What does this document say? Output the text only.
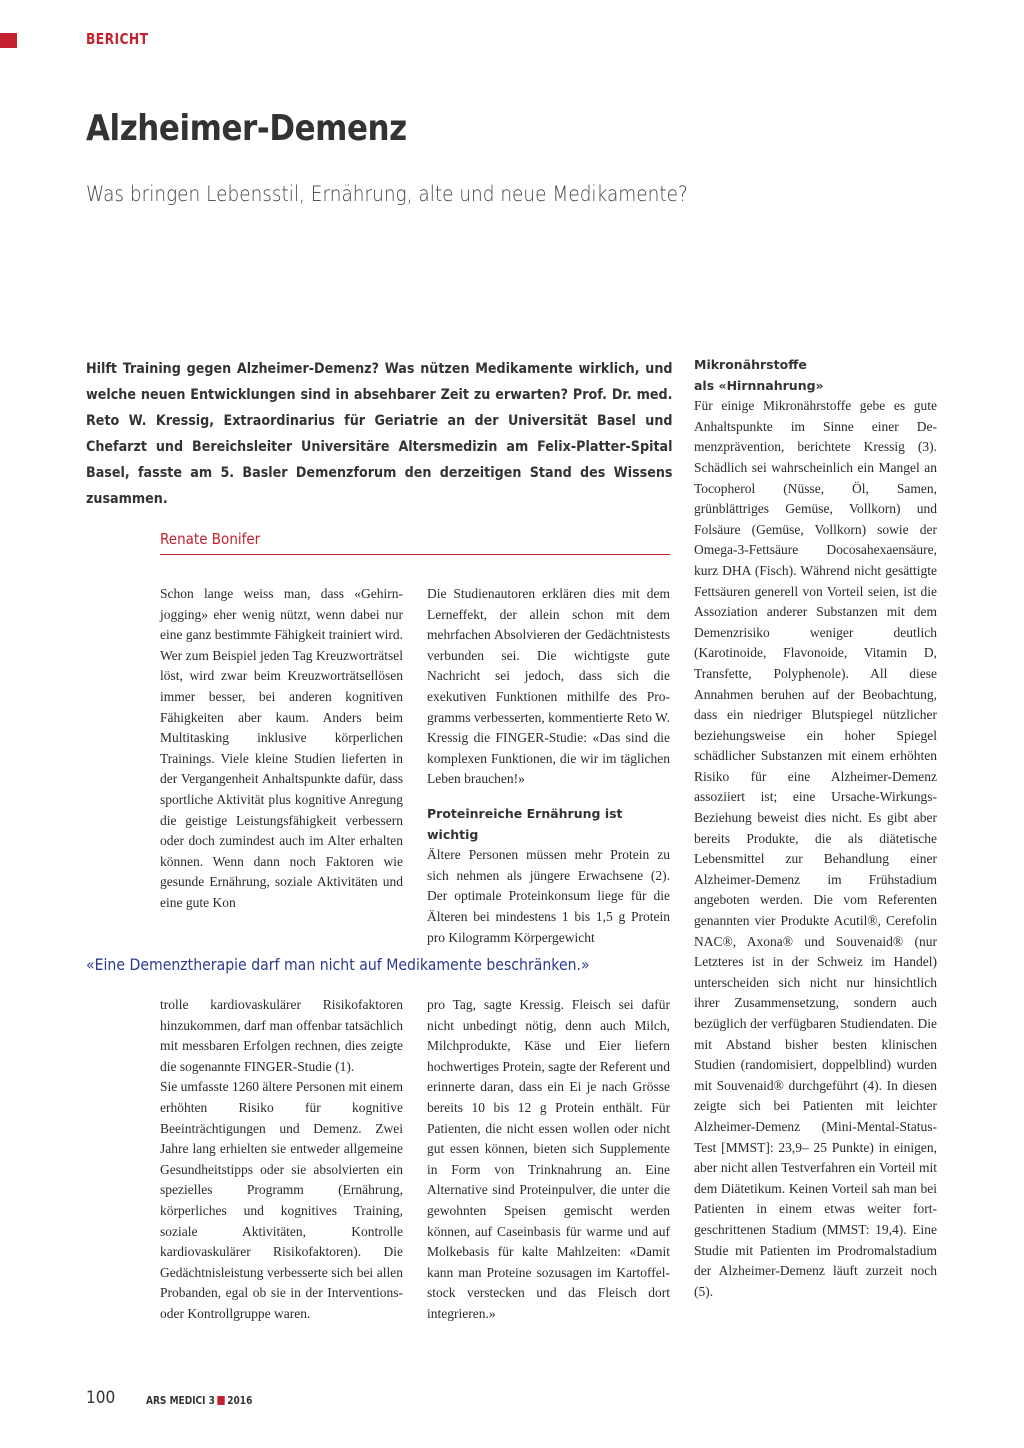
BERICHT
Alzheimer-Demenz
Was bringen Lebensstil, Ernährung, alte und neue Medikamente?
Hilft Training gegen Alzheimer-Demenz? Was nützen Medikamente wirklich, und welche neuen Entwicklungen sind in absehbarer Zeit zu erwarten? Prof. Dr. med. Reto W. Kressig, Extraordinarius für Geriatrie an der Universität Basel und Chefarzt und Bereichsleiter Universitäre Altersmedizin am Felix-Platter-Spital Basel, fasste am 5. Basler Demenzforum den derzeitigen Stand des Wissens zusammen.
Renate Bonifer

Schon lange weiss man, dass «Gehirnjogging» eher wenig nützt, wenn dabei nur eine ganz bestimmte Fähigkeit trainiert wird. Wer zum Beispiel jeden Tag Kreuzworträtsel löst, wird zwar beim Kreuzworträtsellösen immer besser, bei anderen kognitiven Fähigkeiten aber kaum. Anders beim Multitasking inklusive körperlichen Trainings. Viele kleine Studien lieferten in der Vergangenheit Anhaltspunkte dafür, dass sportliche Aktivität plus kognitive Anregung die geistige Leistungsfähigkeit verbessern oder doch zumindest auch im Alter erhalten können. Wenn dann noch Faktoren wie gesunde Ernährung, soziale Aktivitäten und eine gute Kon

Die Studienautoren erklären dies mit dem Lerneffekt, der allein schon mit dem mehrfachen Absolvieren der Gedächtnistests verbunden sei. Die wichtigste gute Nachricht sei jedoch, dass sich die exekutiven Funktionen mithilfe des Programms verbesserten, kommentierte Reto W. Kressig die FINGER-Studie: «Das sind die komplexen Funktionen, die wir im täglichen Leben brauchen!»

Proteinreiche Ernährung ist wichtig

Ältere Personen müssen mehr Protein zu sich nehmen als jüngere Erwachsene (2). Der optimale Proteinkonsum liege für die Älteren bei mindestens 1 bis 1,5 g Protein pro Kilogramm Körpergewicht

«Eine Demenztherapie darf man nicht auf Medikamente beschränken.»

trolle kardiovaskulärer Risikofaktoren hinzukommen, darf man offenbar tatsächlich mit messbaren Erfolgen rechnen, dies zeigte die sogenannte FINGER-Studie (1).

Sie umfasste 1260 ältere Personen mit einem erhöhten Risiko für kognitive Beeinträchtigungen und Demenz. Zwei Jahre lang erhielten sie entweder allgemeine Gesundheitstipps oder sie absolvierten ein spezielles Programm (Ernährung, körperliches und kognitives Training, soziale Aktivitäten, Kontrolle kardiovaskulärer Risikofaktoren). Die Gedächtnisleistung verbesserte sich bei allen Probanden, egal ob sie in der Interventions- oder Kontrollgruppe waren.

pro Tag, sagte Kressig. Fleisch sei dafür nicht unbedingt nötig, denn auch Milch, Milchprodukte, Käse und Eier liefern hochwertiges Protein, sagte der Referent und erinnerte daran, dass ein Ei je nach Grösse bereits 10 bis 12 g Protein enthält. Für Patienten, die nicht essen wollen oder nicht gut essen können, bieten sich Supplemente in Form von Trinknahrung an. Eine Alternative sind Proteinpulver, die unter die gewohnten Speisen gemischt werden können, auf Caseinbasis für warme und auf Molkebasis für kalte Mahlzeiten: «Damit kann man Proteine sozusagen im Kartoffelstock verstecken und das Fleisch dort integrieren.»

Mikronährstoffe

als «Hirnnahrung»

Für einige Mikronährstoffe gebe es gute Anhaltspunkte im Sinne einer Demenzprävention, berichtete Kressig (3). Schädlich sei wahrscheinlich ein Mangel an Tocopherol (Nüsse, Öl, Samen, grünblättriges Gemüse, Vollkorn) und Folsäure (Gemüse, Vollkorn) sowie der Omega-3-Fettsäure Docosahexaensäure, kurz DHA (Fisch). Während nicht gesättigte Fettsäuren generell von Vorteil seien, ist die Assoziation anderer Substanzen mit dem Demenzrisiko weniger deutlich (Karotinoide, Flavonoide, Vitamin D, Transfette, Polyphenole). All diese Annahmen beruhen auf der Beobachtung, dass ein niedriger Blutspiegel nützlicher beziehungsweise ein hoher Spiegel schädlicher Substanzen mit einem erhöhten Risiko für eine Alzheimer-Demenz assoziiert ist; eine Ursache-Wirkungs-Beziehung beweist dies nicht. Es gibt aber bereits Produkte, die als diätetische Lebensmittel zur Behandlung einer Alzheimer-Demenz im Frühstadium angeboten werden. Die vom Referenten genannten vier Produkte Acutil®, Cerefolin NAC®, Axona® und Souvenaid® (nur Letzteres ist in der Schweiz im Handel) unterscheiden sich nicht nur hinsichtlich ihrer Zusammensetzung, sondern auch bezüglich der verfügbaren Studiendaten. Die mit Abstand bisher besten klinischen Studien (randomisiert, doppelblind) wurden mit Souvenaid® durchgeführt (4). In diesen zeigte sich bei Patienten mit leichter Alzheimer-Demenz (Mini-Mental-Status-Test [MMST]: 23,9– 25 Punkte) in einigen, aber nicht allen Testverfahren ein Vorteil mit dem Diätetikum. Keinen Vorteil sah man bei Patienten in einem etwas weiter fortgeschrittenen Stadium (MMST: 19,4). Eine Studie mit Patienten im Prodromalstadium der Alzheimer-Demenz läuft zurzeit noch (5).

100	ARS MEDICI 3 2016
